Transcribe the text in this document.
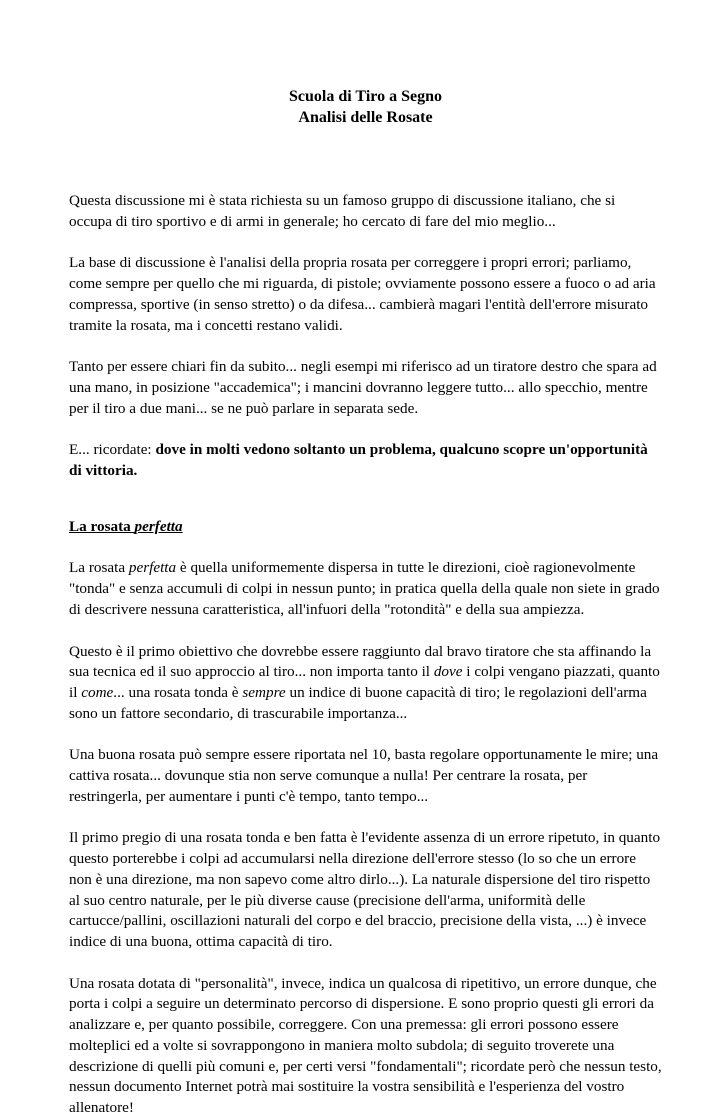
Scuola di Tiro a Segno
Analisi delle Rosate

Questa discussione mi è stata richiesta su un famoso gruppo di discussione italiano, che si occupa di tiro sportivo e di armi in generale; ho cercato di fare del mio meglio...

La base di discussione è l'analisi della propria rosata per correggere i propri errori; parliamo, come sempre per quello che mi riguarda, di pistole; ovviamente possono essere a fuoco o ad aria compressa, sportive (in senso stretto) o da difesa... cambierà magari l'entità dell'errore misurato tramite la rosata, ma i concetti restano validi.

Tanto per essere chiari fin da subito... negli esempi mi riferisco ad un tiratore destro che spara ad una mano, in posizione "accademica"; i mancini dovranno leggere tutto... allo specchio, mentre per il tiro a due mani... se ne può parlare in separata sede.

E... ricordate: dove in molti vedono soltanto un problema, qualcuno scopre un'opportunità di vittoria.

La rosata perfetta

La rosata perfetta è quella uniformemente dispersa in tutte le direzioni, cioè ragionevolmente "tonda" e senza accumuli di colpi in nessun punto; in pratica quella della quale non siete in grado di descrivere nessuna caratteristica, all'infuori della "rotondità" e della sua ampiezza.

Questo è il primo obiettivo che dovrebbe essere raggiunto dal bravo tiratore che sta affinando la sua tecnica ed il suo approccio al tiro... non importa tanto il dove i colpi vengano piazzati, quanto il come... una rosata tonda è sempre un indice di buone capacità di tiro; le regolazioni dell'arma sono un fattore secondario, di trascurabile importanza...

Una buona rosata può sempre essere riportata nel 10, basta regolare opportunamente le mire; una cattiva rosata... dovunque stia non serve comunque a nulla! Per centrare la rosata, per restringerla, per aumentare i punti c'è tempo, tanto tempo...

Il primo pregio di una rosata tonda e ben fatta è l'evidente assenza di un errore ripetuto, in quanto questo porterebbe i colpi ad accumularsi nella direzione dell'errore stesso (lo so che un errore non è una direzione, ma non sapevo come altro dirlo...). La naturale dispersione del tiro rispetto al suo centro naturale, per le più diverse cause (precisione dell'arma, uniformità delle cartucce/pallini, oscillazioni naturali del corpo e del braccio, precisione della vista, ...) è invece indice di una buona, ottima capacità di tiro.

Una rosata dotata di "personalità", invece, indica un qualcosa di ripetitivo, un errore dunque, che porta i colpi a seguire un determinato percorso di dispersione. E sono proprio questi gli errori da analizzare e, per quanto possibile, correggere. Con una premessa: gli errori possono essere molteplici ed a volte si sovrappongono in maniera molto subdola; di seguito troverete una descrizione di quelli più comuni e, per certi versi "fondamentali"; ricordate però che nessun testo, nessun documento Internet potrà mai sostituire la vostra sensibilità e l'esperienza del vostro allenatore!
